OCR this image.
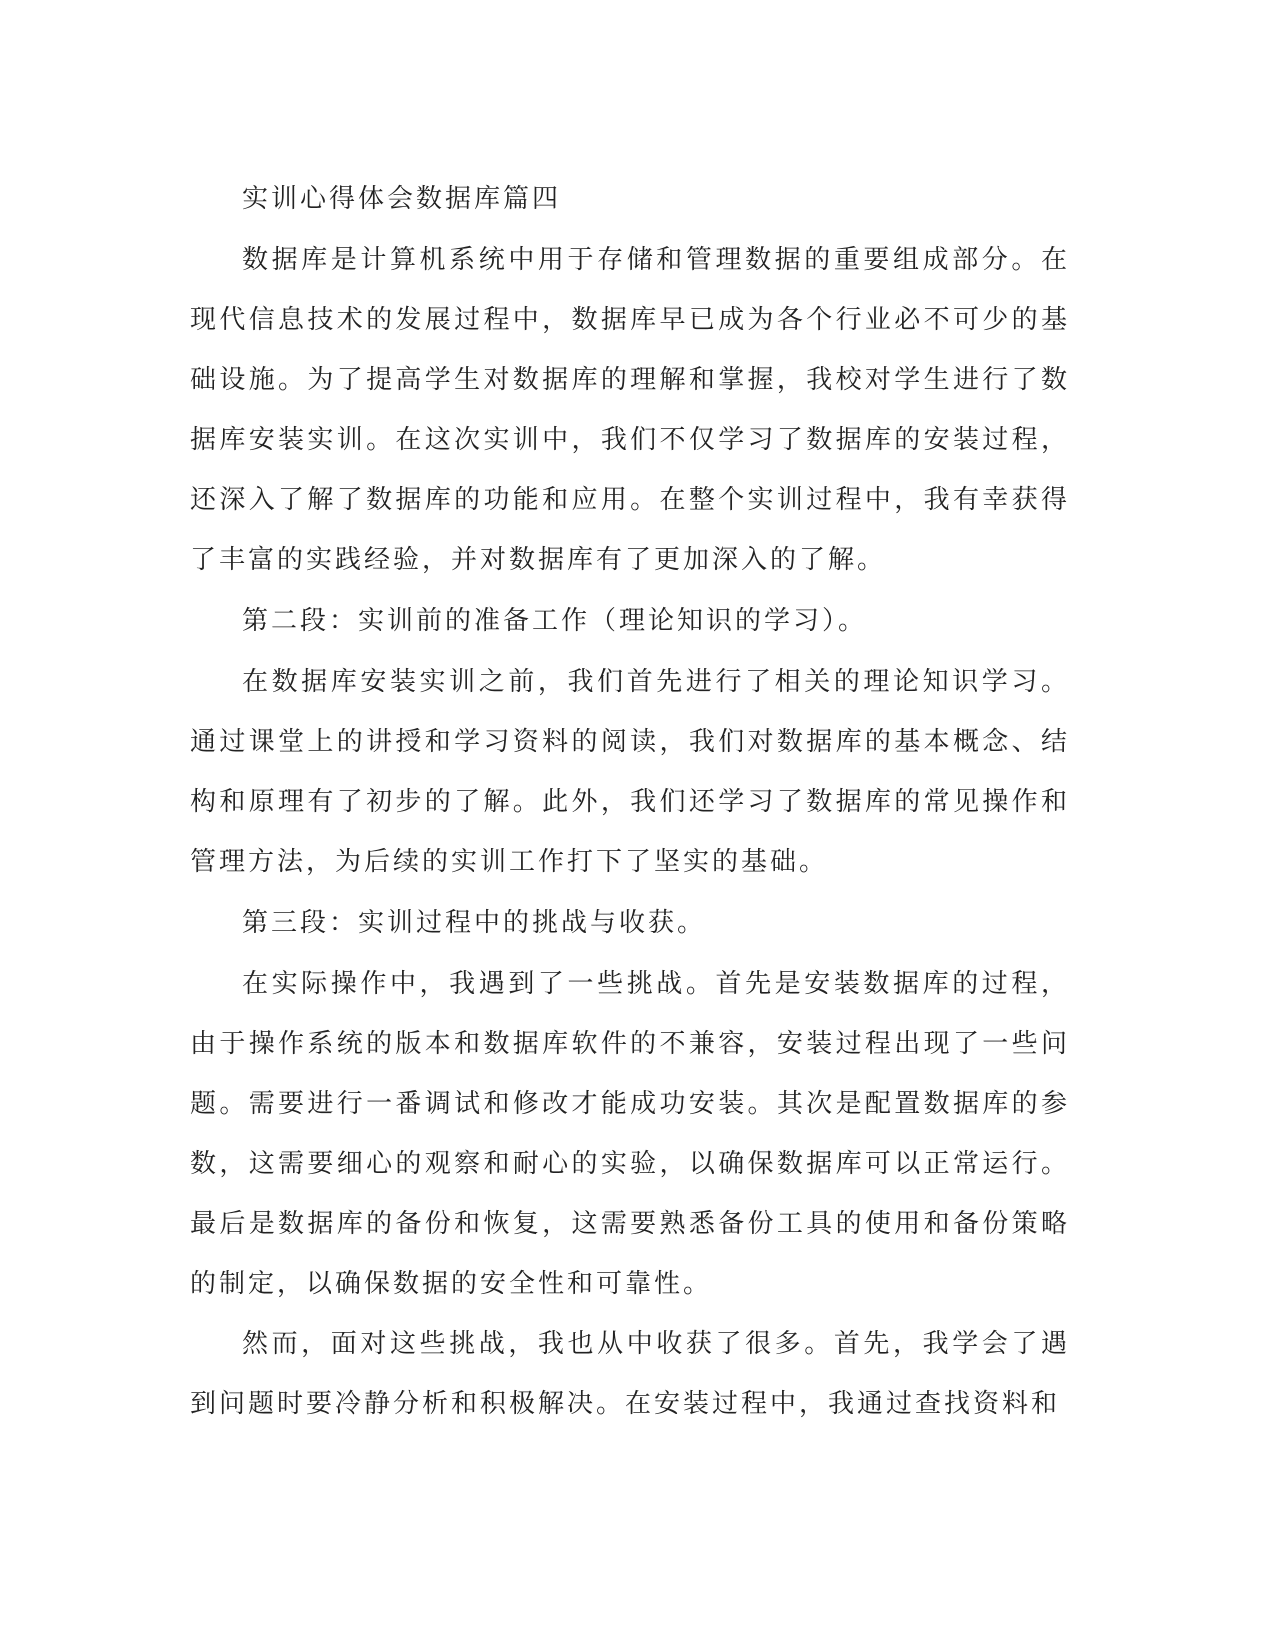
实训心得体会数据库篇四

数据库是计算机系统中用于存储和管理数据的重要组成部分。在现代信息技术的发展过程中，数据库早已成为各个行业必不可少的基础设施。为了提高学生对数据库的理解和掌握，我校对学生进行了数据库安装实训。在这次实训中，我们不仅学习了数据库的安装过程，还深入了解了数据库的功能和应用。在整个实训过程中，我有幸获得了丰富的实践经验，并对数据库有了更加深入的了解。

第二段：实训前的准备工作（理论知识的学习）。

在数据库安装实训之前，我们首先进行了相关的理论知识学习。通过课堂上的讲授和学习资料的阅读，我们对数据库的基本概念、结构和原理有了初步的了解。此外，我们还学习了数据库的常见操作和管理方法，为后续的实训工作打下了坚实的基础。

第三段：实训过程中的挑战与收获。

在实际操作中，我遇到了一些挑战。首先是安装数据库的过程，由于操作系统的版本和数据库软件的不兼容，安装过程出现了一些问题。需要进行一番调试和修改才能成功安装。其次是配置数据库的参数，这需要细心的观察和耐心的实验，以确保数据库可以正常运行。最后是数据库的备份和恢复，这需要熟悉备份工具的使用和备份策略的制定，以确保数据的安全性和可靠性。

然而，面对这些挑战，我也从中收获了很多。首先，我学会了遇到问题时要冷静分析和积极解决。在安装过程中，我通过查找资料和
